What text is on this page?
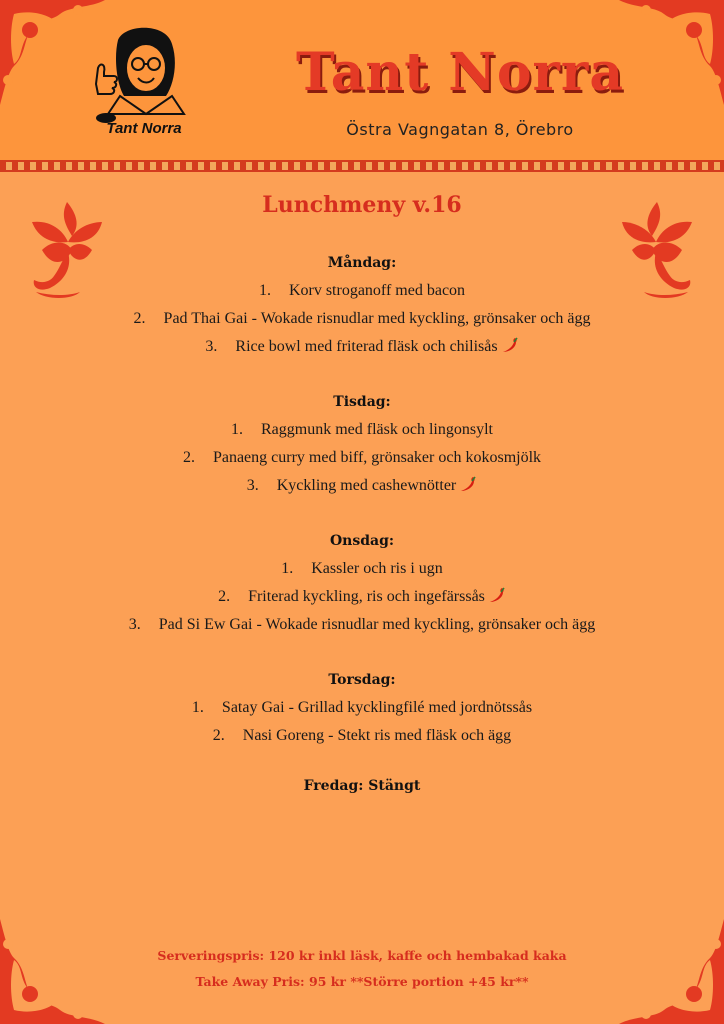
Tant Norra
Tant Norra
Östra Vagngatan 8, Örebro
Lunchmeny v.16
Måndag:
1. Korv stroganoff med bacon
2. Pad Thai Gai - Wokade risnudlar med kyckling, grönsaker och ägg
3. Rice bowl med friterad fläsk och chilisås
Tisdag:
1. Raggmunk med fläsk och lingonsylt
2. Panaeng curry med biff, grönsaker och kokosmjölk
3. Kyckling med cashewnötter
Onsdag:
1. Kassler och ris i ugn
2. Friterad kyckling, ris och ingefärssås
3. Pad Si Ew Gai - Wokade risnudlar med kyckling, grönsaker och ägg
Torsdag:
1. Satay Gai - Grillad kycklingfilé med jordnötssås
2. Nasi Goreng - Stekt ris med fläsk och ägg
Fredag: Stängt
Serveringspris: 120 kr inkl läsk, kaffe och hembakad kaka
Take Away Pris: 95 kr **Större portion +45 kr**
